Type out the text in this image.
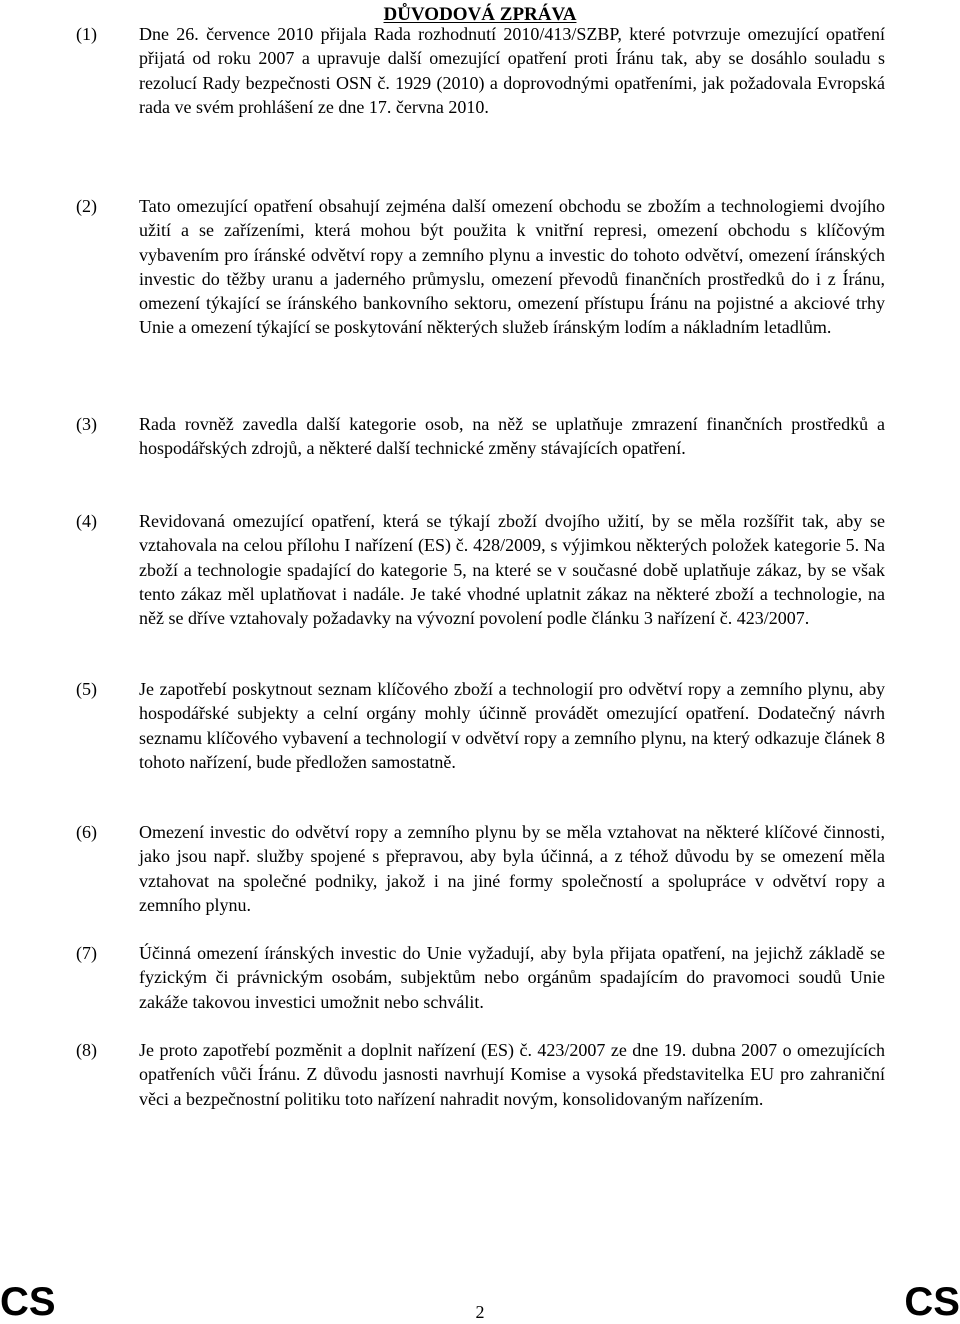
DŮVODOVÁ ZPRÁVA
(1) Dne 26. července 2010 přijala Rada rozhodnutí 2010/413/SZBP, které potvrzuje omezující opatření přijatá od roku 2007 a upravuje další omezující opatření proti Íránu tak, aby se dosáhlo souladu s rezolucí Rady bezpečnosti OSN č. 1929 (2010) a doprovodnými opatřeními, jak požadovala Evropská rada ve svém prohlášení ze dne 17. června 2010.
(2) Tato omezující opatření obsahují zejména další omezení obchodu se zbožím a technologiemi dvojího užití a se zařízeními, která mohou být použita k vnitřní represi, omezení obchodu s klíčovým vybavením pro íránské odvětví ropy a zemního plynu a investic do tohoto odvětví, omezení íránských investic do těžby uranu a jaderného průmyslu, omezení převodů finančních prostředků do i z Íránu, omezení týkající se íránského bankovního sektoru, omezení přístupu Íránu na pojistné a akciové trhy Unie a omezení týkající se poskytování některých služeb íránským lodím a nákladním letadlům.
(3) Rada rovněž zavedla další kategorie osob, na něž se uplatňuje zmrazení finančních prostředků a hospodářských zdrojů, a některé další technické změny stávajících opatření.
(4) Revidovaná omezující opatření, která se týkají zboží dvojího užití, by se měla rozšířit tak, aby se vztahovala na celou přílohu I nařízení (ES) č. 428/2009, s výjimkou některých položek kategorie 5. Na zboží a technologie spadající do kategorie 5, na které se v současné době uplatňuje zákaz, by se však tento zákaz měl uplatňovat i nadále. Je také vhodné uplatnit zákaz na některé zboží a technologie, na něž se dříve vztahovaly požadavky na vývozní povolení podle článku 3 nařízení č. 423/2007.
(5) Je zapotřebí poskytnout seznam klíčového zboží a technologií pro odvětví ropy a zemního plynu, aby hospodářské subjekty a celní orgány mohly účinně provádět omezující opatření. Dodatečný návrh seznamu klíčového vybavení a technologií v odvětví ropy a zemního plynu, na který odkazuje článek 8 tohoto nařízení, bude předložen samostatně.
(6) Omezení investic do odvětví ropy a zemního plynu by se měla vztahovat na některé klíčové činnosti, jako jsou např. služby spojené s přepravou, aby byla účinná, a z téhož důvodu by se omezení měla vztahovat na společné podniky, jakož i na jiné formy společností a spolupráce v odvětví ropy a zemního plynu.
(7) Účinná omezení íránských investic do Unie vyžadují, aby byla přijata opatření, na jejichž základě se fyzickým či právnickým osobám, subjektům nebo orgánům spadajícím do pravomoci soudů Unie zakáže takovou investici umožnit nebo schválit.
(8) Je proto zapotřebí pozměnit a doplnit nařízení (ES) č. 423/2007 ze dne 19. dubna 2007 o omezujících opatřeních vůči Íránu. Z důvodu jasnosti navrhují Komise a vysoká představitelka EU pro zahraniční věci a bezpečnostní politiku toto nařízení nahradit novým, konsolidovaným nařízením.
CS	2	CS
